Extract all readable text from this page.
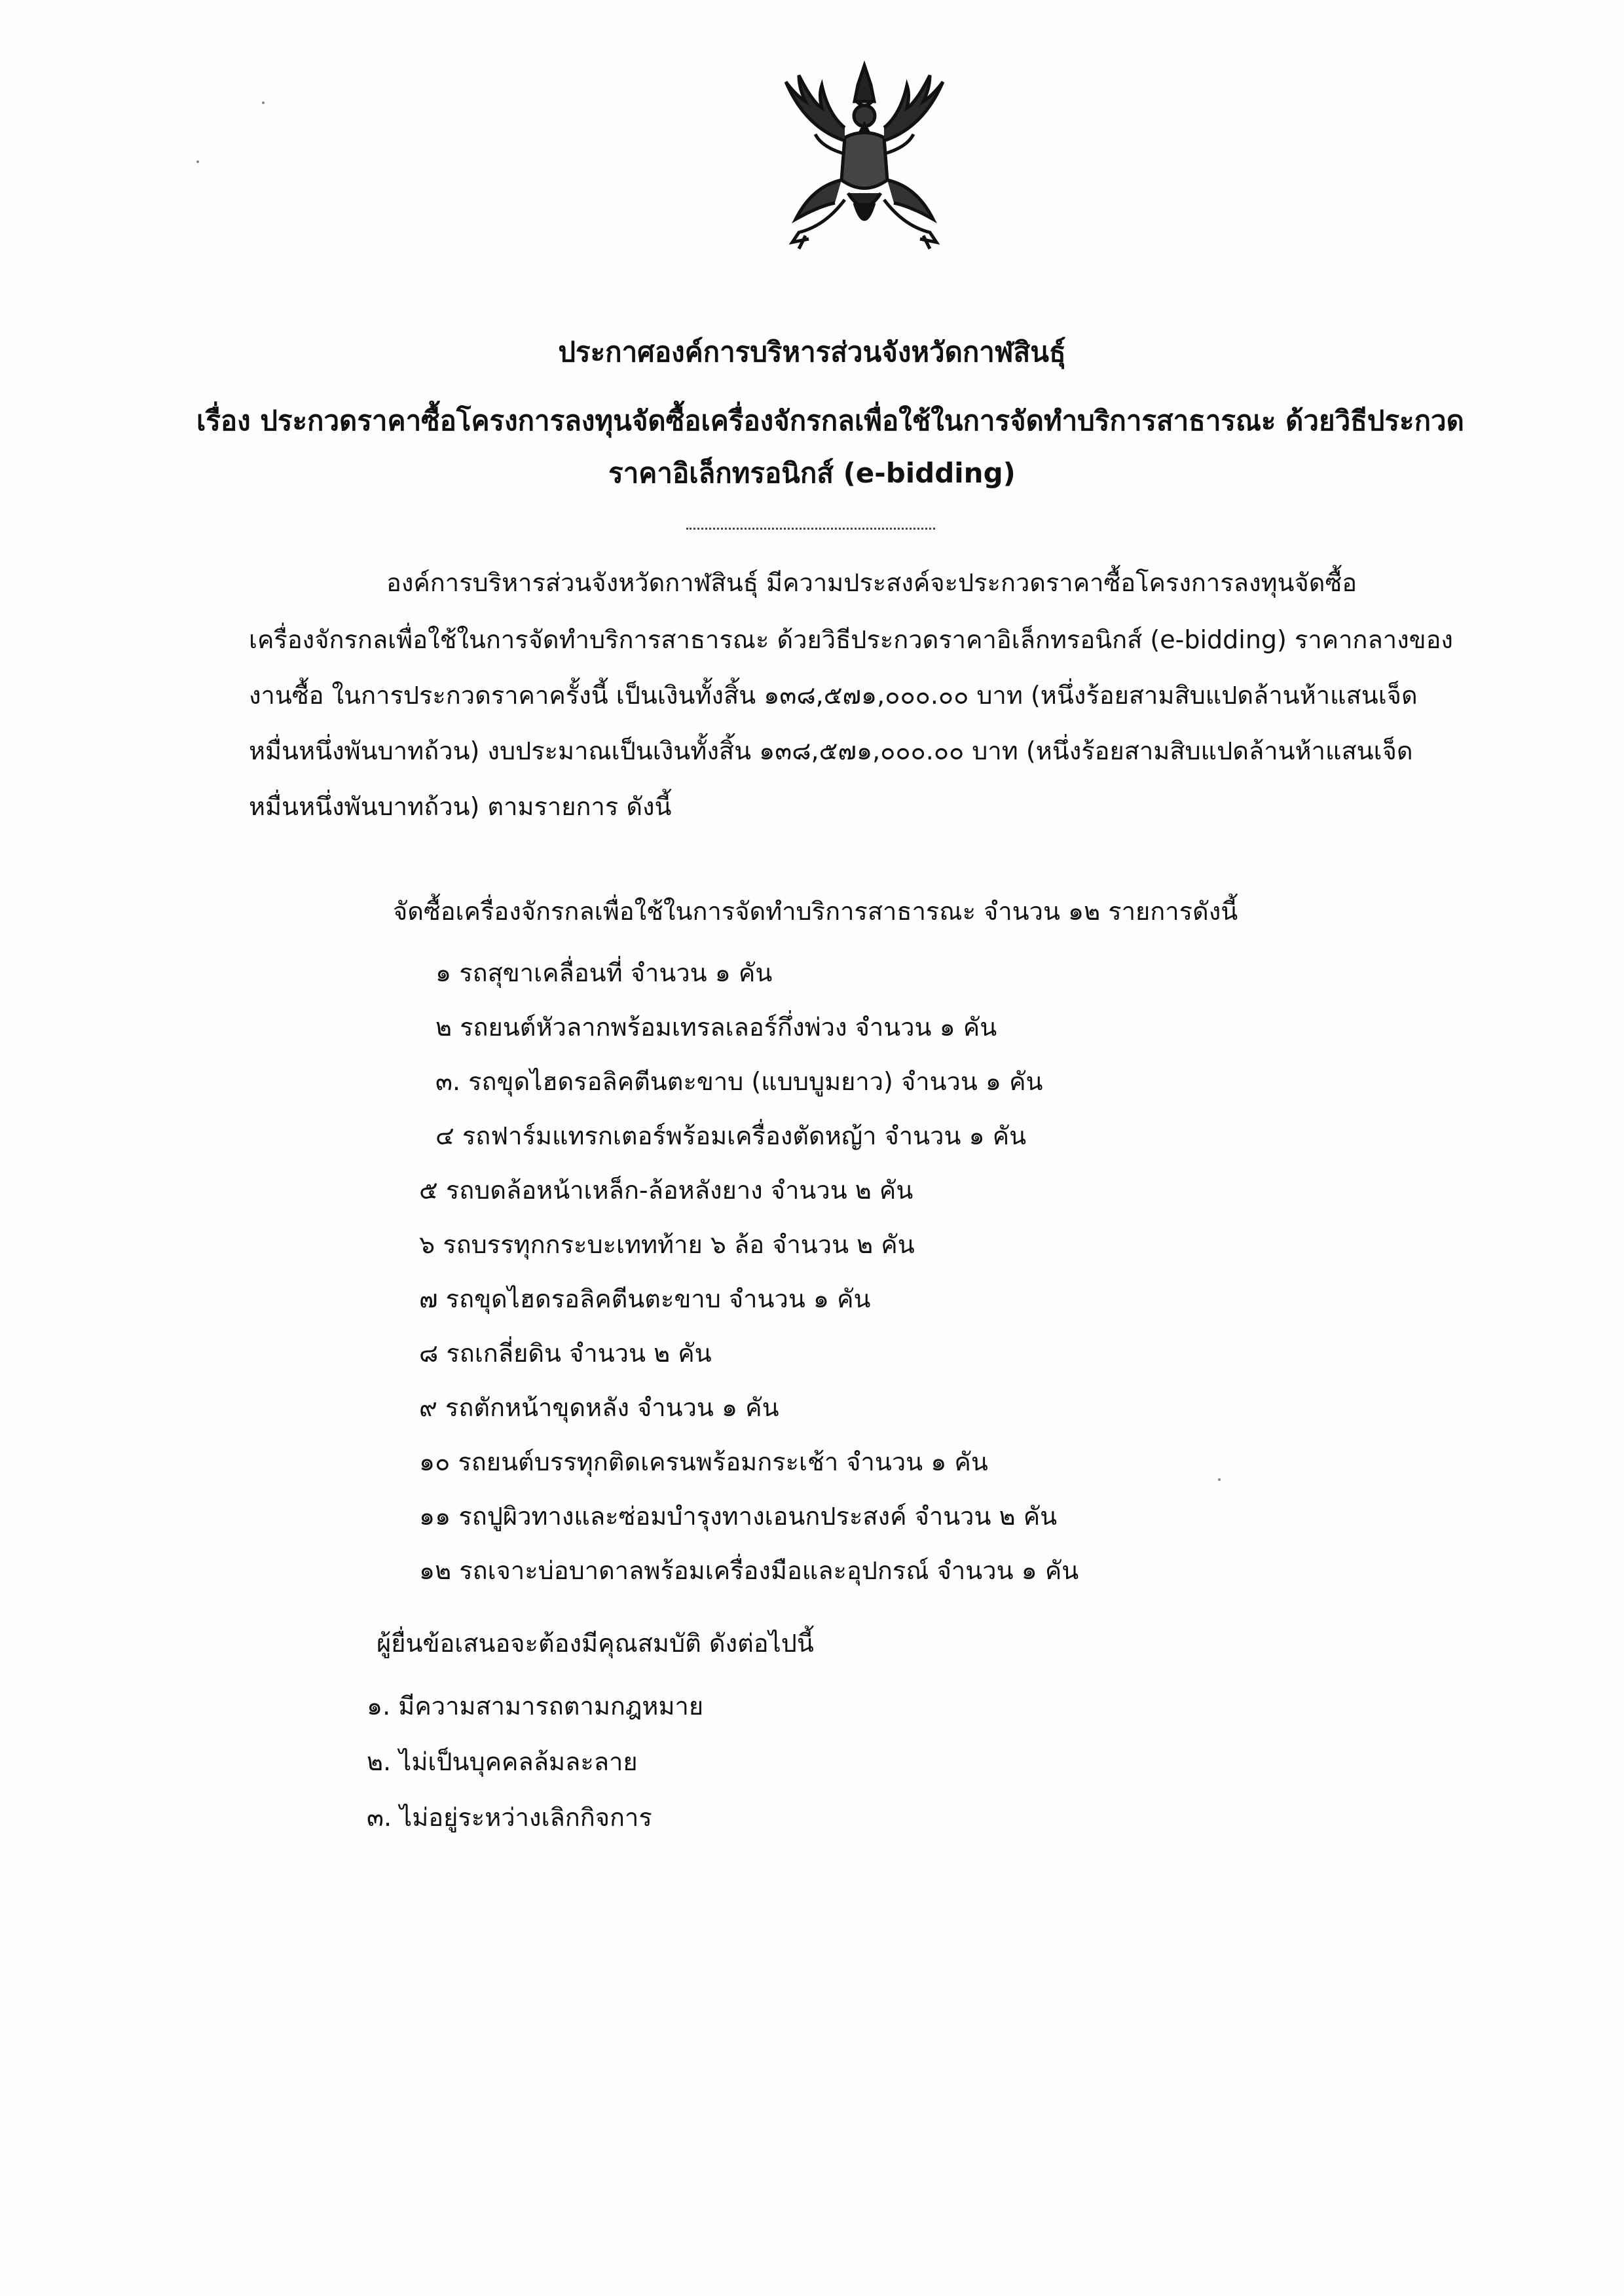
ประกาศองค์การบริหารส่วนจังหวัดกาฬสินธุ์
เรื่อง ประกวดราคาซื้อโครงการลงทุนจัดซื้อเครื่องจักรกลเพื่อใช้ในการจัดทำบริการสาธารณะ ด้วยวิธีประกวด
ราคาอิเล็กทรอนิกส์ (e-bidding)
องค์การบริหารส่วนจังหวัดกาฬสินธุ์ มีความประสงค์จะประกวดราคาซื้อโครงการลงทุนจัดซื้อ
เครื่องจักรกลเพื่อใช้ในการจัดทำบริการสาธารณะ ด้วยวิธีประกวดราคาอิเล็กทรอนิกส์ (e-bidding) ราคากลางของ
งานซื้อ ในการประกวดราคาครั้งนี้ เป็นเงินทั้งสิ้น ๑๓๘,๕๗๑,๐๐๐.๐๐ บาท (หนึ่งร้อยสามสิบแปดล้านห้าแสนเจ็ด
หมื่นหนึ่งพันบาทถ้วน) งบประมาณเป็นเงินทั้งสิ้น ๑๓๘,๕๗๑,๐๐๐.๐๐ บาท (หนึ่งร้อยสามสิบแปดล้านห้าแสนเจ็ด
หมื่นหนึ่งพันบาทถ้วน) ตามรายการ ดังนี้
จัดซื้อเครื่องจักรกลเพื่อใช้ในการจัดทำบริการสาธารณะ จำนวน ๑๒ รายการดังนี้
๑ รถสุขาเคลื่อนที่ จำนวน ๑ คัน
๒ รถยนต์หัวลากพร้อมเทรลเลอร์กึ่งพ่วง จำนวน ๑ คัน
๓. รถขุดไฮดรอลิคตีนตะขาบ (แบบบูมยาว) จำนวน ๑ คัน
๔ รถฟาร์มแทรกเตอร์พร้อมเครื่องตัดหญ้า จำนวน ๑ คัน
๕ รถบดล้อหน้าเหล็ก-ล้อหลังยาง จำนวน ๒ คัน
๖ รถบรรทุกกระบะเททท้าย ๖ ล้อ จำนวน ๒ คัน
๗ รถขุดไฮดรอลิคตีนตะขาบ จำนวน ๑ คัน
๘ รถเกลี่ยดิน จำนวน ๒ คัน
๙ รถตักหน้าขุดหลัง จำนวน ๑ คัน
๑๐ รถยนต์บรรทุกติดเครนพร้อมกระเช้า จำนวน ๑ คัน
๑๑ รถปูผิวทางและซ่อมบำรุงทางเอนกประสงค์ จำนวน ๒ คัน
๑๒ รถเจาะบ่อบาดาลพร้อมเครื่องมือและอุปกรณ์ จำนวน ๑ คัน
ผู้ยื่นข้อเสนอจะต้องมีคุณสมบัติ ดังต่อไปนี้
๑. มีความสามารถตามกฎหมาย
๒. ไม่เป็นบุคคลล้มละลาย
๓. ไม่อยู่ระหว่างเลิกกิจการ
